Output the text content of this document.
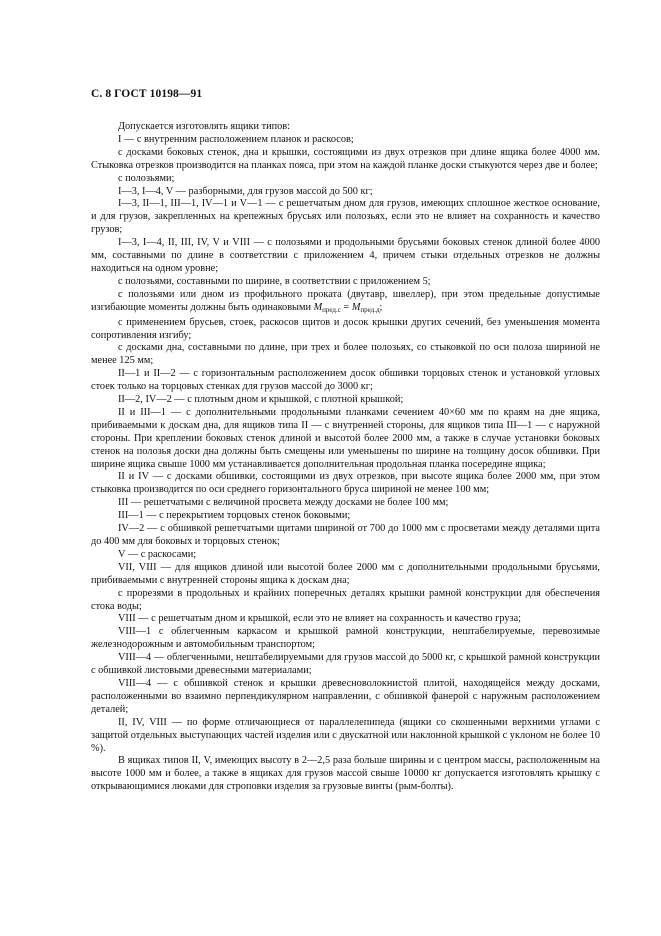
С. 8 ГОСТ 10198—91

Допускается изготовлять ящики типов:

I — с внутренним расположением планок и раскосов;

с досками боковых стенок, дна и крышки, состоящими из двух отрезков при длине ящика более 4000 мм. Стыковка отрезков производится на планках пояса, при этом на каждой планке доски стыкуются через две и более;

с полозьями;

I—3, I—4, V — разборными, для грузов массой до 500 кг;

I—3, II—1, III—1, IV—1 и V—1 — с решетчатым дном для грузов, имеющих сплошное жесткое основание, и для грузов, закрепленных на крепежных брусьях или полозьях, если это не влияет на сохранность и качество грузов;

I—3, I—4, II, III, IV, V и VIII — с полозьями и продольными брусьями боковых стенок длиной более 4000 мм, составными по длине в соответствии с приложением 4, причем стыки отдельных отрезков не должны находиться на одном уровне;

с полозьями, составными по ширине, в соответствии с приложением 5;

с полозьями или дном из профильного проката (двутавр, швеллер), при этом предельные допустимые изгибающие моменты должны быть одинаковыми $M_{пред.с} = M_{пред.д}$;

с применением брусьев, стоек, раскосов щитов и досок крышки других сечений, без уменьшения момента сопротивления изгибу;

с досками дна, составными по длине, при трех и более полозьях, со стыковкой по оси полоза шириной не менее 125 мм;

II—1 и II—2 — с горизонтальным расположением досок обшивки торцовых стенок и установкой угловых стоек только на торцовых стенках для грузов массой до 3000 кг;

II—2, IV—2 — с плотным дном и крышкой, с плотной крышкой;

II и III—1 — с дополнительными продольными планками сечением 40×60 мм по краям на дне ящика, прибиваемыми к доскам дна, для ящиков типа II — с внутренней стороны, для ящиков типа III—1 — с наружной стороны. При креплении боковых стенок длиной и высотой более 2000 мм, а также в случае установки боковых стенок на полозья доски дна должны быть смещены или уменьшены по ширине на толщину досок обшивки. При ширине ящика свыше 1000 мм устанавливается дополнительная продольная планка посередине ящика;

II и IV — с досками обшивки, состоящими из двух отрезков, при высоте ящика более 2000 мм, при этом стыковка производится по оси среднего горизонтального бруса шириной не менее 100 мм;

III — решетчатыми с величиной просвета между досками не более 100 мм;

III—1 — с перекрытием торцовых стенок боковыми;

IV—2 — с обшивкой решетчатыми щитами шириной от 700 до 1000 мм с просветами между деталями щита до 400 мм для боковых и торцовых стенок;

V — с раскосами;

VII, VIII — для ящиков длиной или высотой более 2000 мм с дополнительными продольными брусьями, прибиваемыми с внутренней стороны ящика к доскам дна;

с прорезями в продольных и крайних поперечных деталях крышки рамной конструкции для обеспечения стока воды;

VIII — с решетчатым дном и крышкой, если это не влияет на сохранность и качество груза;

VIII—1 с облегченным каркасом и крышкой рамной конструкции, нештабелируемые, перевозимые железнодорожным и автомобильным транспортом;

VIII—4 — облегченными, нештабелируемыми для грузов массой до 5000 кг, с крышкой рамной конструкции с обшивкой листовыми древесными материалами;

VIII—4 — с обшивкой стенок и крышки древесноволокнистой плитой, находящейся между досками, расположенными во взаимно перпендикулярном направлении, с обшивкой фанерой с наружным расположением деталей;

II, IV, VIII — по форме отличающиеся от параллелепипеда (ящики со скошенными верхними углами с защитой отдельных выступающих частей изделия или с двускатной или наклонной крышкой с уклоном не более 10 %).

В ящиках типов II, V, имеющих высоту в 2—2,5 раза больше ширины и с центром массы, расположенным на высоте 1000 мм и более, а также в ящиках для грузов массой свыше 10000 кг допускается изготовлять крышку с открывающимися люками для строповки изделия за грузовые винты (рым-болты).
